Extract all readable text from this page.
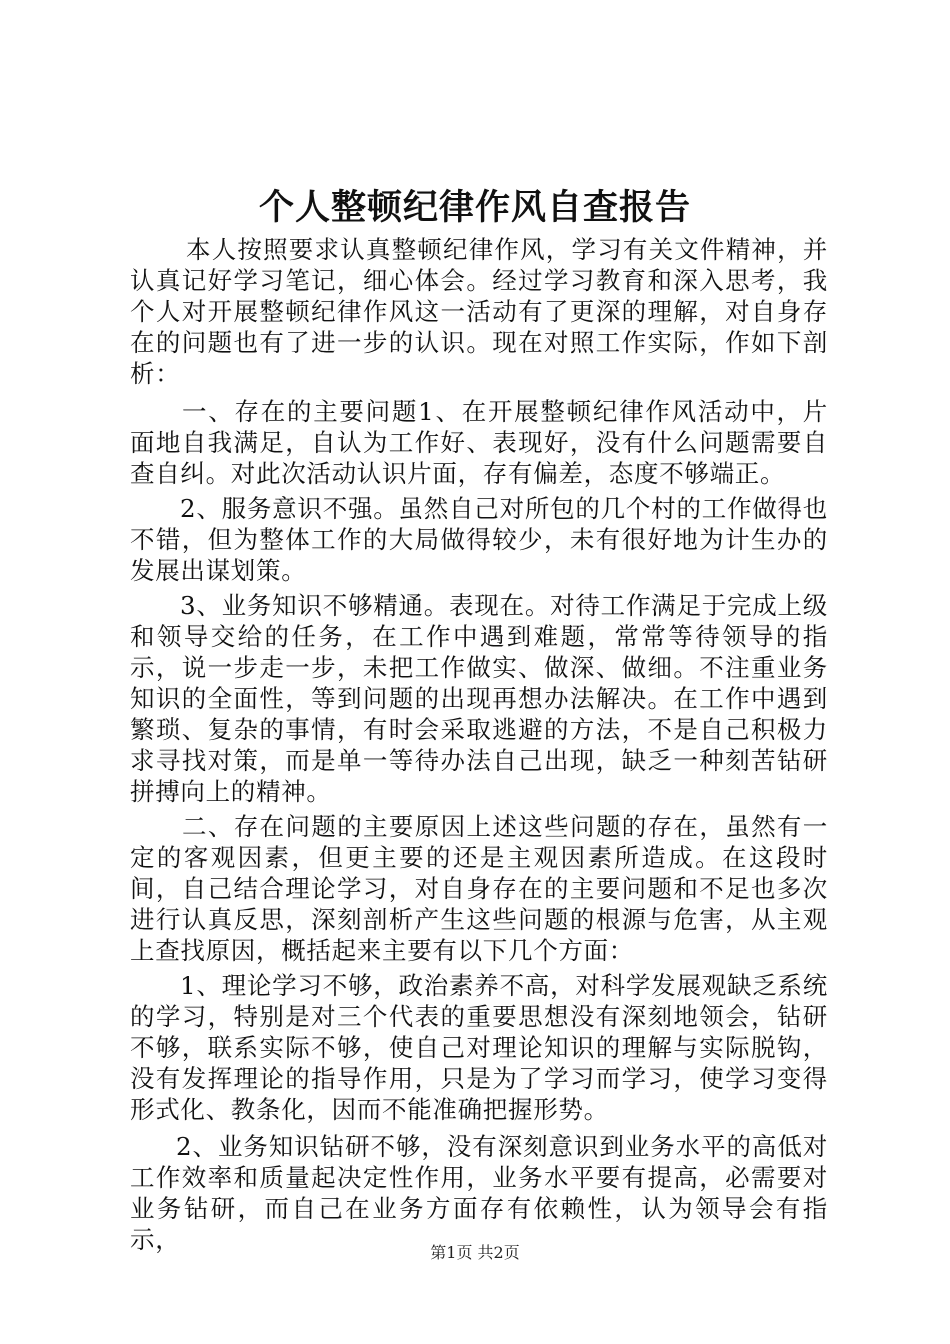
个人整顿纪律作风自查报告

本人按照要求认真整顿纪律作风，学习有关文件精神，并认真记好学习笔记，细心体会。经过学习教育和深入思考，我个人对开展整顿纪律作风这一活动有了更深的理解，对自身存在的问题也有了进一步的认识。现在对照工作实际，作如下剖析：

一、存在的主要问题1、在开展整顿纪律作风活动中，片面地自我满足，自认为工作好、表现好，没有什么问题需要自查自纠。对此次活动认识片面，存有偏差，态度不够端正。

2、服务意识不强。虽然自己对所包的几个村的工作做得也不错，但为整体工作的大局做得较少，未有很好地为计生办的发展出谋划策。

3、业务知识不够精通。表现在。对待工作满足于完成上级和领导交给的任务，在工作中遇到难题，常常等待领导的指示，说一步走一步，未把工作做实、做深、做细。不注重业务知识的全面性，等到问题的出现再想办法解决。在工作中遇到繁琐、复杂的事情，有时会采取逃避的方法，不是自己积极力求寻找对策，而是单一等待办法自己出现，缺乏一种刻苦钻研拼搏向上的精神。

二、存在问题的主要原因上述这些问题的存在，虽然有一定的客观因素，但更主要的还是主观因素所造成。在这段时间，自己结合理论学习，对自身存在的主要问题和不足也多次进行认真反思，深刻剖析产生这些问题的根源与危害，从主观上查找原因，概括起来主要有以下几个方面：

1、理论学习不够，政治素养不高，对科学发展观缺乏系统的学习，特别是对三个代表的重要思想没有深刻地领会，钻研不够，联系实际不够，使自己对理论知识的理解与实际脱钩，没有发挥理论的指导作用，只是为了学习而学习，使学习变得形式化、教条化，因而不能准确把握形势。

2、业务知识钻研不够，没有深刻意识到业务水平的高低对工作效率和质量起决定性作用，业务水平要有提高，必需要对业务钻研，而自己在业务方面存有依赖性，认为领导会有指示，	第1页 共2页
